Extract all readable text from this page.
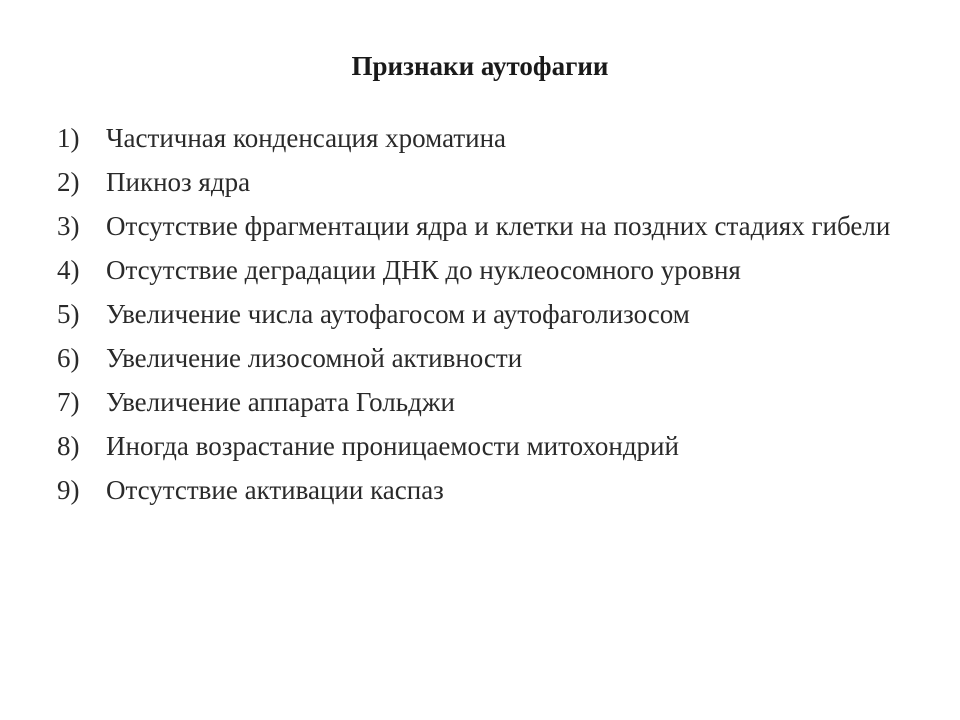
Признаки аутофагии
1) Частичная конденсация хроматина
2) Пикноз ядра
3) Отсутствие фрагментации ядра и клетки на поздних стадиях гибели
4) Отсутствие деградации ДНК до нуклеосомного уровня
5) Увеличение числа аутофагосом и аутофаголизосом
6) Увеличение лизосомной активности
7) Увеличение аппарата Гольджи
8) Иногда возрастание проницаемости митохондрий
9) Отсутствие активации каспаз
